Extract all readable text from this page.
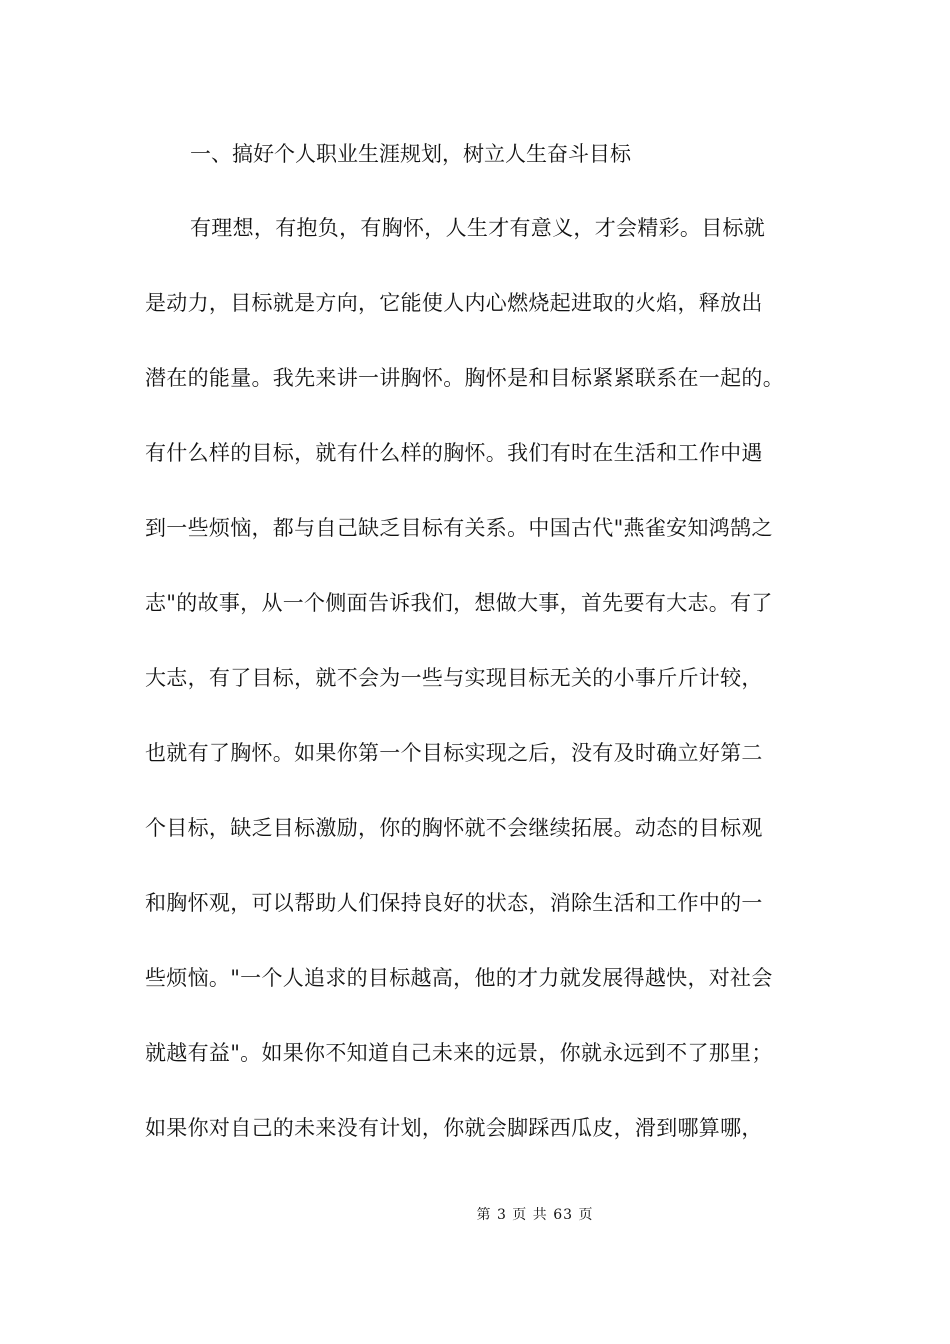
一、搞好个人职业生涯规划，树立人生奋斗目标

有理想，有抱负，有胸怀，人生才有意义，才会精彩。目标就

是动力，目标就是方向，它能使人内心燃烧起进取的火焰，释放出

潜在的能量。我先来讲一讲胸怀。胸怀是和目标紧紧联系在一起的。

有什么样的目标，就有什么样的胸怀。我们有时在生活和工作中遇

到一些烦恼，都与自己缺乏目标有关系。中国古代"燕雀安知鸿鹄之

志"的故事，从一个侧面告诉我们，想做大事，首先要有大志。有了

大志，有了目标，就不会为一些与实现目标无关的小事斤斤计较，

也就有了胸怀。如果你第一个目标实现之后，没有及时确立好第二

个目标，缺乏目标激励，你的胸怀就不会继续拓展。动态的目标观

和胸怀观，可以帮助人们保持良好的状态，消除生活和工作中的一

些烦恼。"一个人追求的目标越高，他的才力就发展得越快，对社会

就越有益"。如果你不知道自己未来的远景，你就永远到不了那里；

如果你对自己的未来没有计划，你就会脚踩西瓜皮，滑到哪算哪，

第 3 页 共 63 页
